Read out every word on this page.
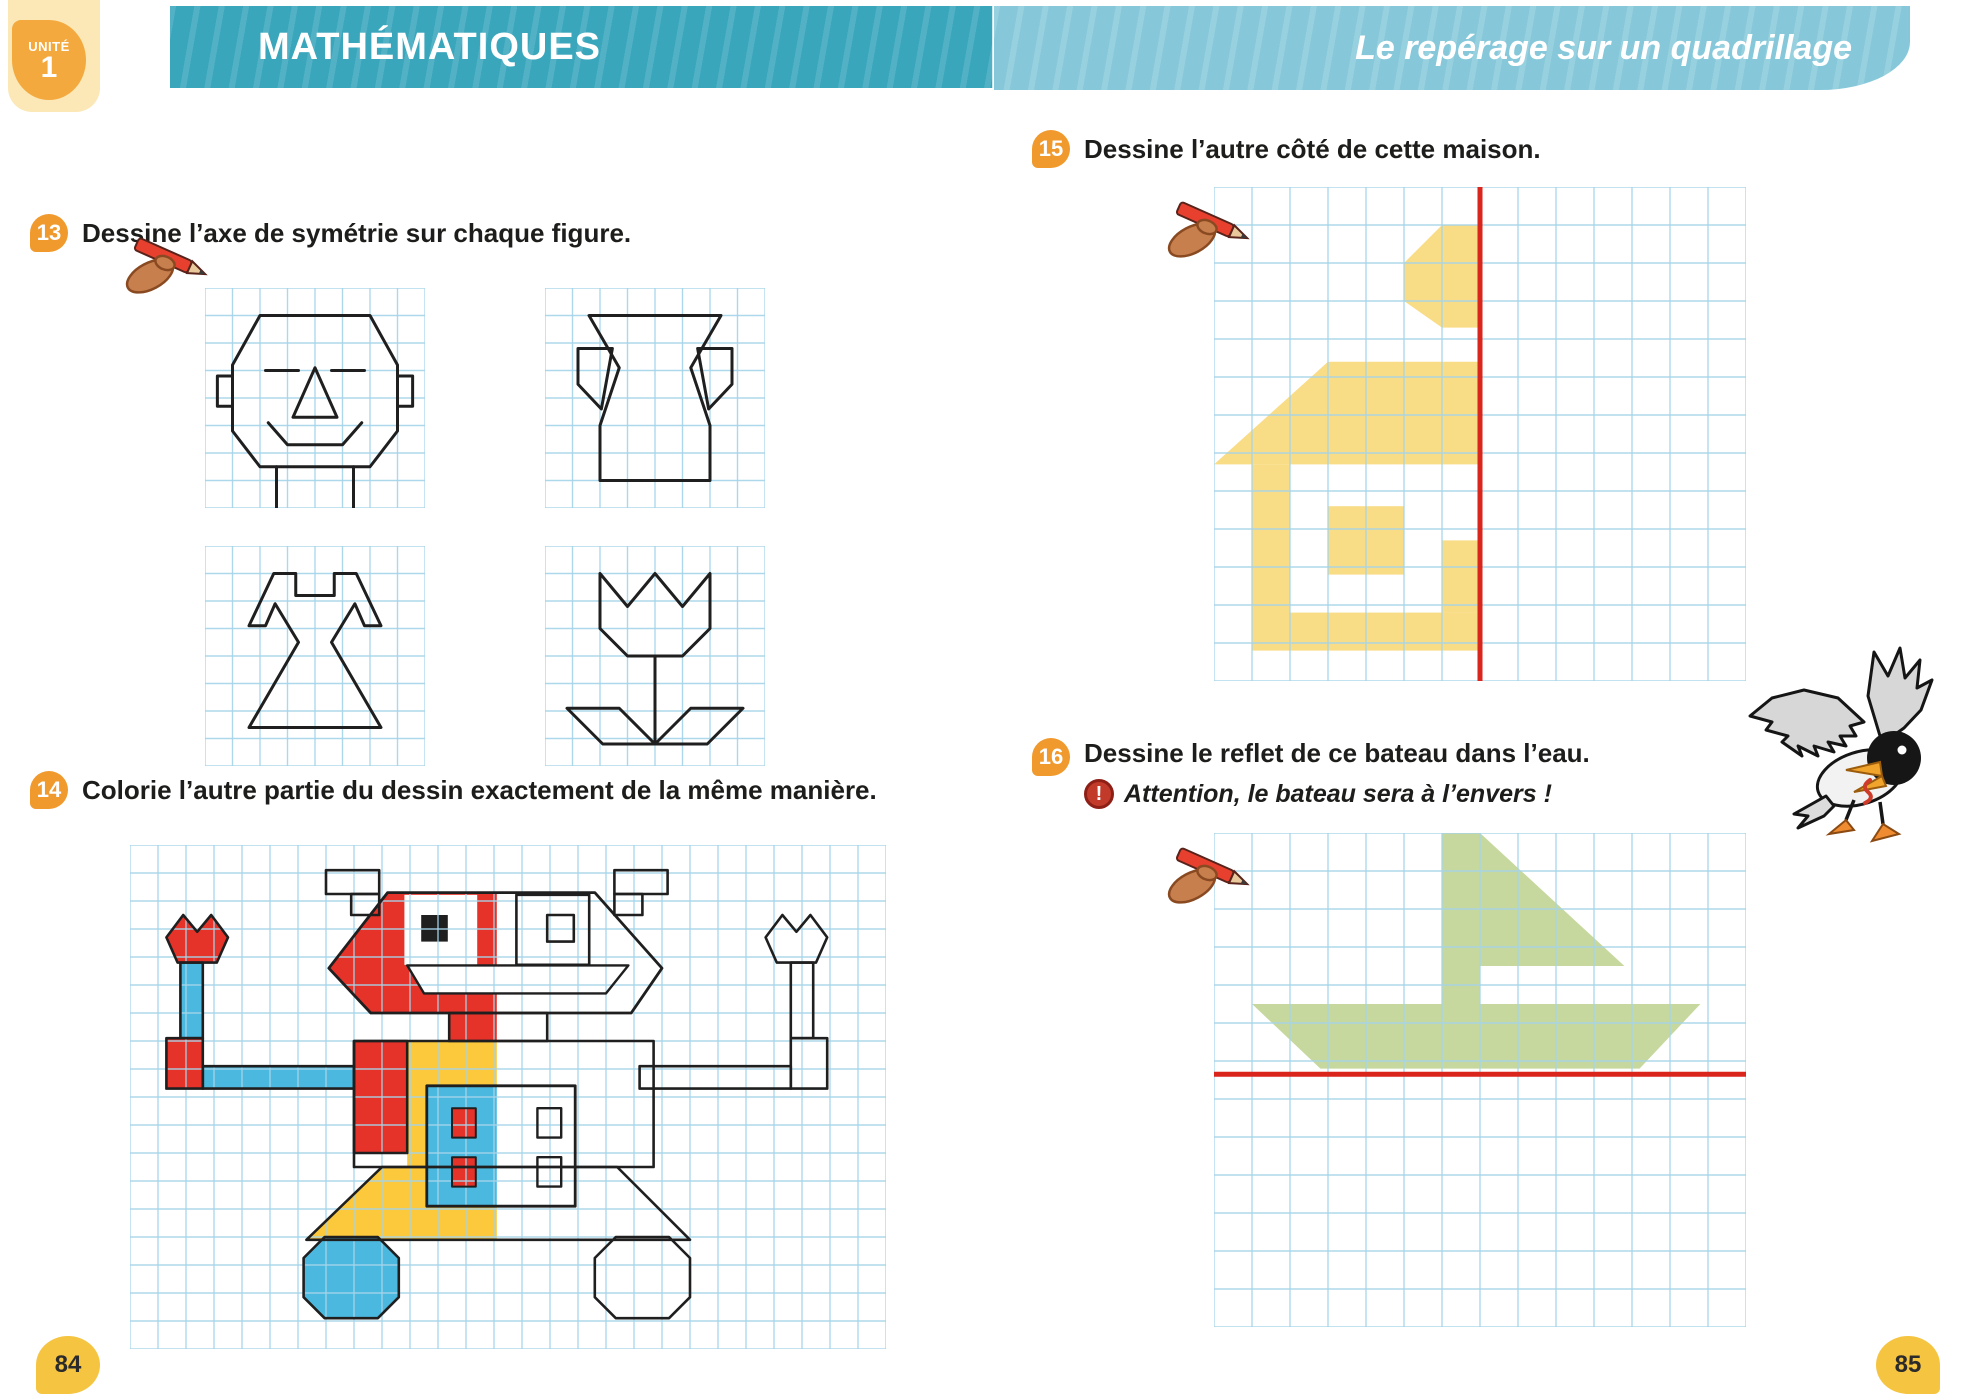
MATHÉMATIQUES	Le repérage sur un quadrillage
UNITÉ
1
13 Dessine l’axe de symétrie sur chaque figure.
14 Colorie l’autre partie du dessin exactement de la même manière.
84
15 Dessine l’autre côté de cette maison.
16 Dessine le reflet de ce bateau dans l’eau.
! Attention, le bateau sera à l’envers !
85
